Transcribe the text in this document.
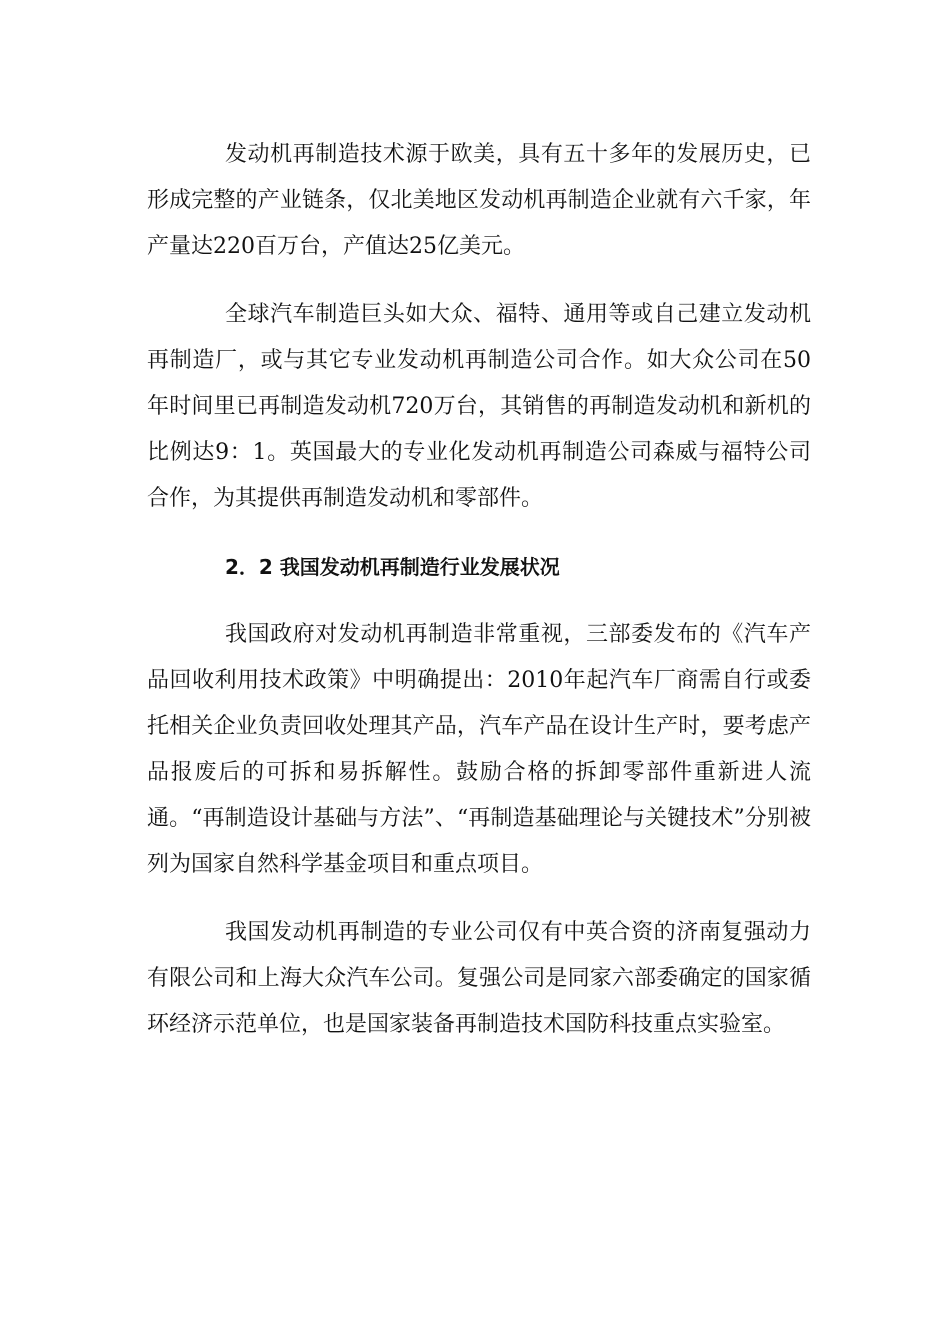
发动机再制造技术源于欧美，具有五十多年的发展历史，已形成完整的产业链条，仅北美地区发动机再制造企业就有六千家，年产量达220百万台，产值达25亿美元。

全球汽车制造巨头如大众、福特、通用等或自己建立发动机再制造厂，或与其它专业发动机再制造公司合作。如大众公司在50年时间里已再制造发动机720万台，其销售的再制造发动机和新机的比例达9：1。英国最大的专业化发动机再制造公司森威与福特公司合作，为其提供再制造发动机和零部件。

2．2 我国发动机再制造行业发展状况

我国政府对发动机再制造非常重视，三部委发布的《汽车产品回收利用技术政策》中明确提出：2010年起汽车厂商需自行或委托相关企业负责回收处理其产品，汽车产品在设计生产时，要考虑产品报废后的可拆和易拆解性。鼓励合格的拆卸零部件重新进人流通。“再制造设计基础与方法”、“再制造基础理论与关键技术”分别被列为国家自然科学基金项目和重点项目。

我国发动机再制造的专业公司仅有中英合资的济南复强动力有限公司和上海大众汽车公司。复强公司是同家六部委确定的国家循环经济示范单位，也是国家装备再制造技术国防科技重点实验室。
